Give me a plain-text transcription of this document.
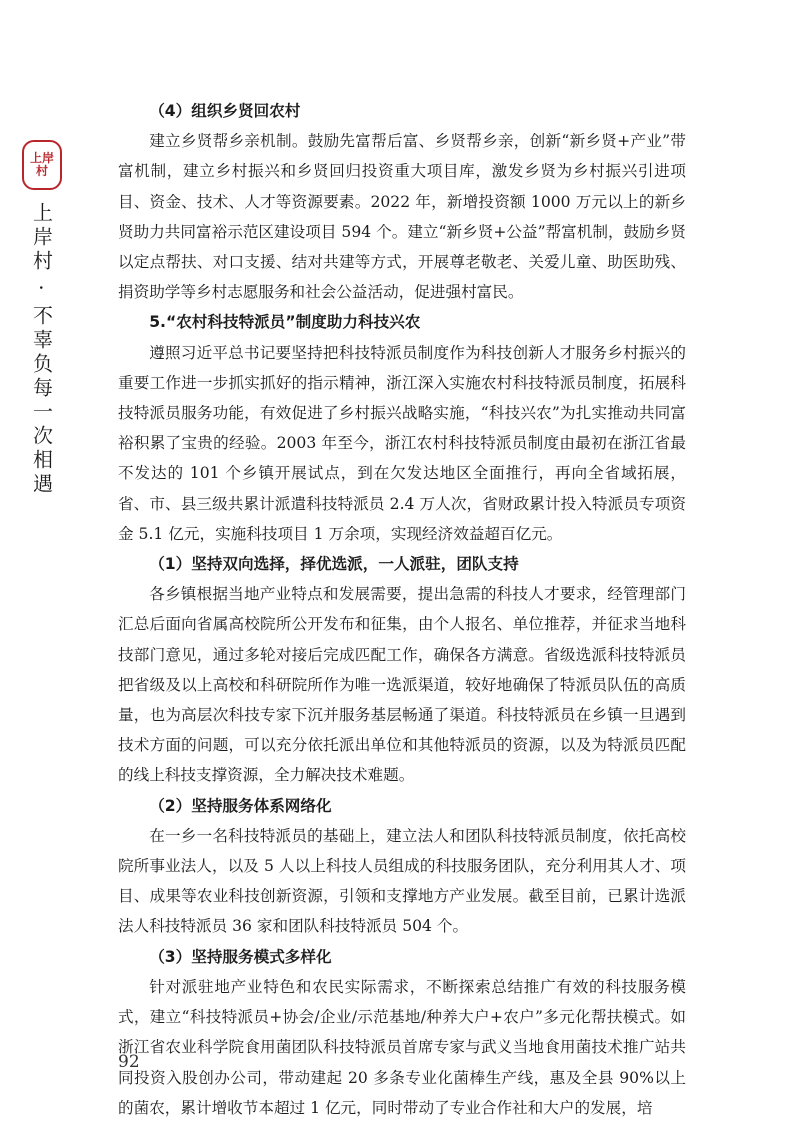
上岸
村
上岸村 · 不辜负每一次相遇
（4）组织乡贤回农村

建立乡贤帮乡亲机制。鼓励先富帮后富、乡贤帮乡亲，创新“新乡贤+产业”带富机制，建立乡村振兴和乡贤回归投资重大项目库，激发乡贤为乡村振兴引进项目、资金、技术、人才等资源要素。2022 年，新增投资额 1000 万元以上的新乡贤助力共同富裕示范区建设项目 594 个。建立“新乡贤+公益”帮富机制，鼓励乡贤以定点帮扶、对口支援、结对共建等方式，开展尊老敬老、关爱儿童、助医助残、捐资助学等乡村志愿服务和社会公益活动，促进强村富民。

5.“农村科技特派员”制度助力科技兴农

遵照习近平总书记要坚持把科技特派员制度作为科技创新人才服务乡村振兴的重要工作进一步抓实抓好的指示精神，浙江深入实施农村科技特派员制度，拓展科技特派员服务功能，有效促进了乡村振兴战略实施，“科技兴农”为扎实推动共同富裕积累了宝贵的经验。2003 年至今，浙江农村科技特派员制度由最初在浙江省最不发达的 101 个乡镇开展试点，到在欠发达地区全面推行，再向全省域拓展，省、市、县三级共累计派遣科技特派员 2.4 万人次，省财政累计投入特派员专项资金 5.1 亿元，实施科技项目 1 万余项，实现经济效益超百亿元。

（1）坚持双向选择，择优选派，一人派驻，团队支持

各乡镇根据当地产业特点和发展需要，提出急需的科技人才要求，经管理部门汇总后面向省属高校院所公开发布和征集，由个人报名、单位推荐，并征求当地科技部门意见，通过多轮对接后完成匹配工作，确保各方满意。省级选派科技特派员把省级及以上高校和科研院所作为唯一选派渠道，较好地确保了特派员队伍的高质量，也为高层次科技专家下沉并服务基层畅通了渠道。科技特派员在乡镇一旦遇到技术方面的问题，可以充分依托派出单位和其他特派员的资源，以及为特派员匹配的线上科技支撑资源，全力解决技术难题。

（2）坚持服务体系网络化

在一乡一名科技特派员的基础上，建立法人和团队科技特派员制度，依托高校院所事业法人，以及 5 人以上科技人员组成的科技服务团队，充分利用其人才、项目、成果等农业科技创新资源，引领和支撑地方产业发展。截至目前，已累计选派法人科技特派员 36 家和团队科技特派员 504 个。

（3）坚持服务模式多样化

针对派驻地产业特色和农民实际需求，不断探索总结推广有效的科技服务模式，建立“科技特派员+协会/企业/示范基地/种养大户+农户”多元化帮扶模式。如浙江省农业科学院食用菌团队科技特派员首席专家与武义当地食用菌技术推广站共同投资入股创办公司，带动建起 20 多条专业化菌棒生产线，惠及全县 90%以上的菌农，累计增收节本超过 1 亿元，同时带动了专业合作社和大户的发展，培

92
